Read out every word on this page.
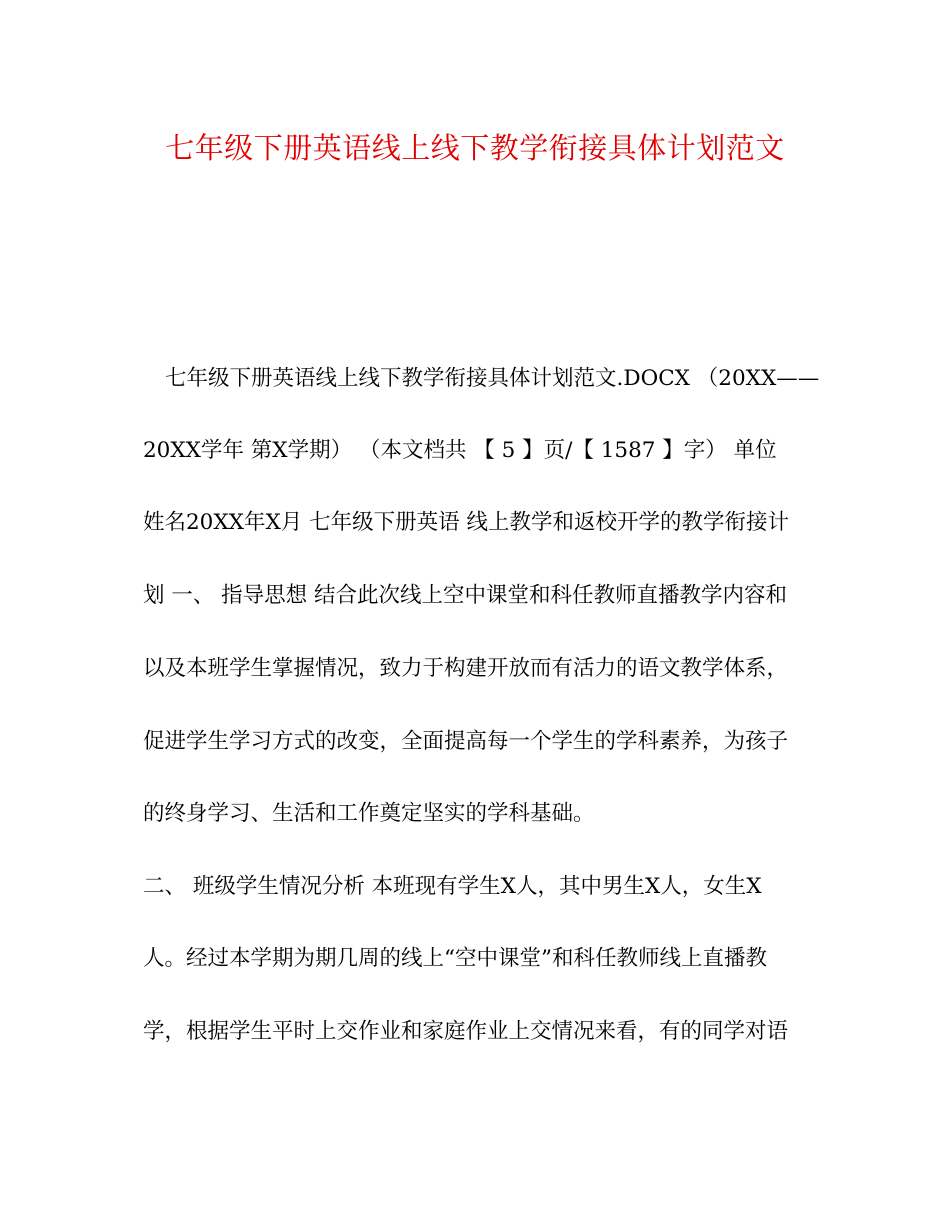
七年级下册英语线上线下教学衔接具体计划范文

七年级下册英语线上线下教学衔接具体计划范文.DOCX （20XX——

20XX学年 第X学期） （本文档共 【 5 】页/【 1587 】字） 单位

姓名20XX年X月 七年级下册英语 线上教学和返校开学的教学衔接计

划 一、 指导思想 结合此次线上空中课堂和科任教师直播教学内容和

以及本班学生掌握情况，致力于构建开放而有活力的语文教学体系，

促进学生学习方式的改变，全面提高每一个学生的学科素养，为孩子

的终身学习、生活和工作奠定坚实的学科基础。

二、 班级学生情况分析 本班现有学生X人，其中男生X人，女生X

人。经过本学期为期几周的线上“空中课堂”和科任教师线上直播教

学，根据学生平时上交作业和家庭作业上交情况来看，有的同学对语
